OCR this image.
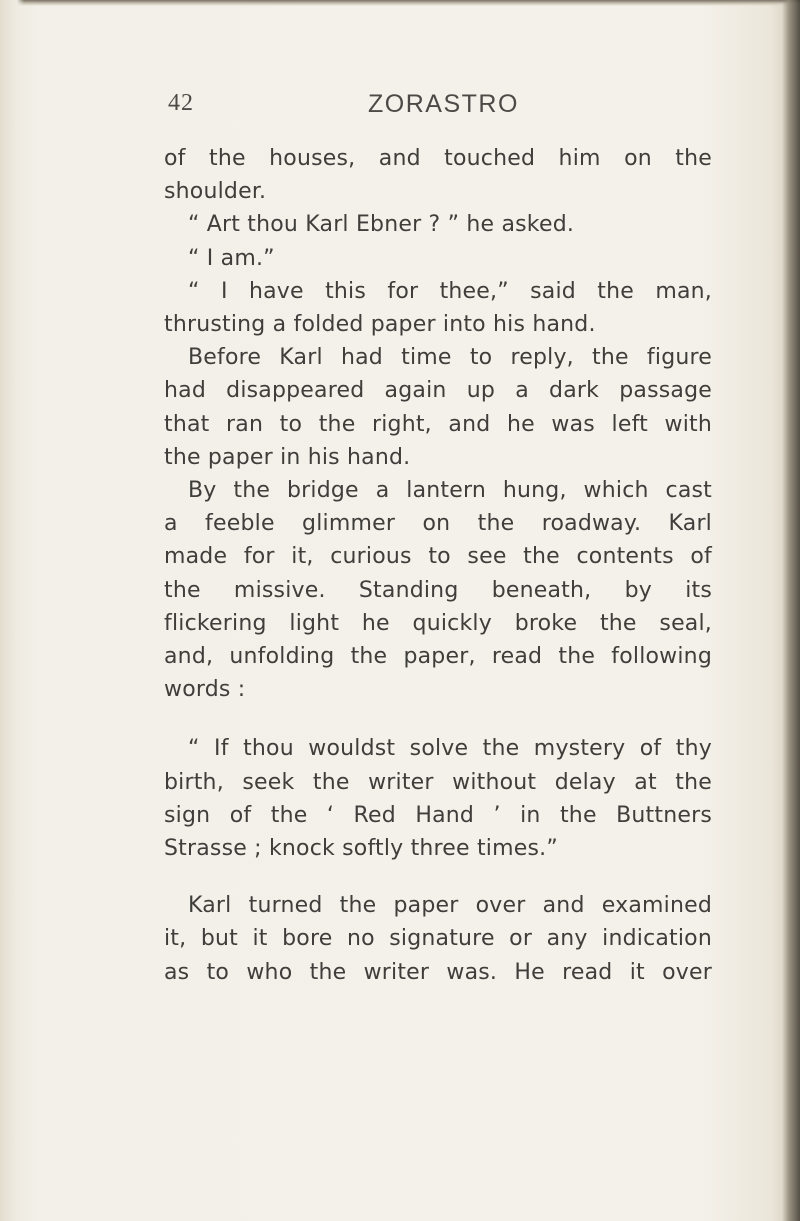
42	ZORASTRO
of the houses, and touched him on the
shoulder.
“ Art thou Karl Ebner ? ” he asked.
“ I am.”
“ I have this for thee,” said the man,
thrusting a folded paper into his hand.
Before Karl had time to reply, the figure
had disappeared again up a dark passage
that ran to the right, and he was left with
the paper in his hand.
By the bridge a lantern hung, which cast
a feeble glimmer on the roadway. Karl
made for it, curious to see the contents of
the missive. Standing beneath, by its
flickering light he quickly broke the seal,
and, unfolding the paper, read the following
words :
“ If thou wouldst solve the mystery of thy
birth, seek the writer without delay at the
sign of the ‘ Red Hand ’ in the Buttners
Strasse ; knock softly three times.”
Karl turned the paper over and examined
it, but it bore no signature or any indication
as to who the writer was. He read it over
